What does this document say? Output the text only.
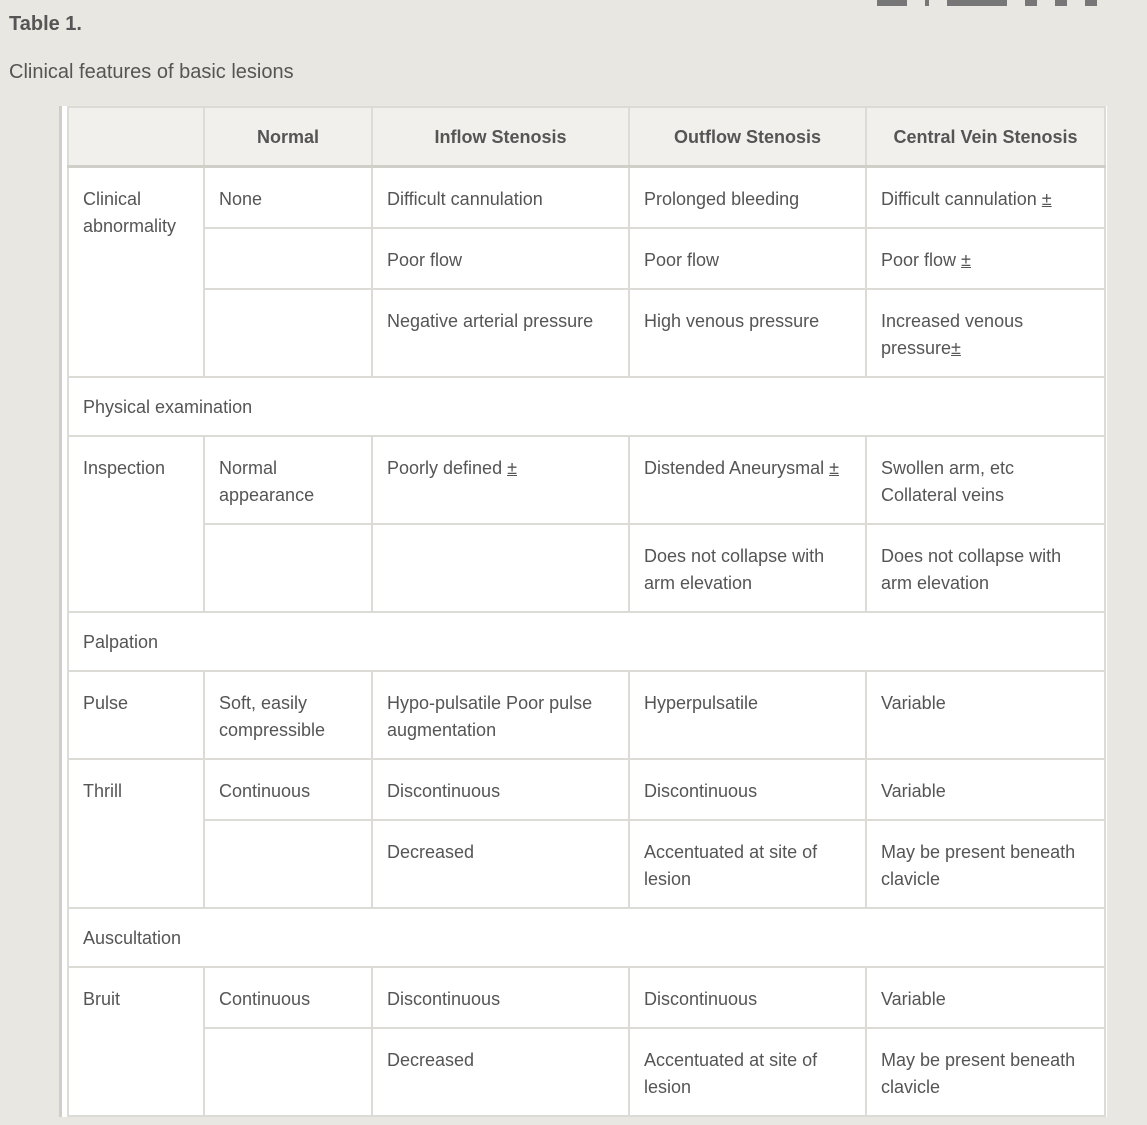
Table 1.
Clinical features of basic lesions
	Normal	Inflow Stenosis	Outflow Stenosis	Central Vein Stenosis
Clinical abnormality	None	Difficult cannulation	Prolonged bleeding	Difficult cannulation ±
		Poor flow	Poor flow	Poor flow ±
		Negative arterial pressure	High venous pressure	Increased venous pressure±
Physical examination				
Inspection	Normal appearance	Poorly defined ±	Distended Aneurysmal ±	Swollen arm, etc Collateral veins
			Does not collapse with arm elevation	Does not collapse with arm elevation
Palpation				
Pulse	Soft, easily compressible	Hypo-pulsatile Poor pulse augmentation	Hyperpulsatile	Variable
Thrill	Continuous	Discontinuous	Discontinuous	Variable
		Decreased	Accentuated at site of lesion	May be present beneath clavicle
Auscultation				
Bruit	Continuous	Discontinuous	Discontinuous	Variable
		Decreased	Accentuated at site of lesion	May be present beneath clavicle
